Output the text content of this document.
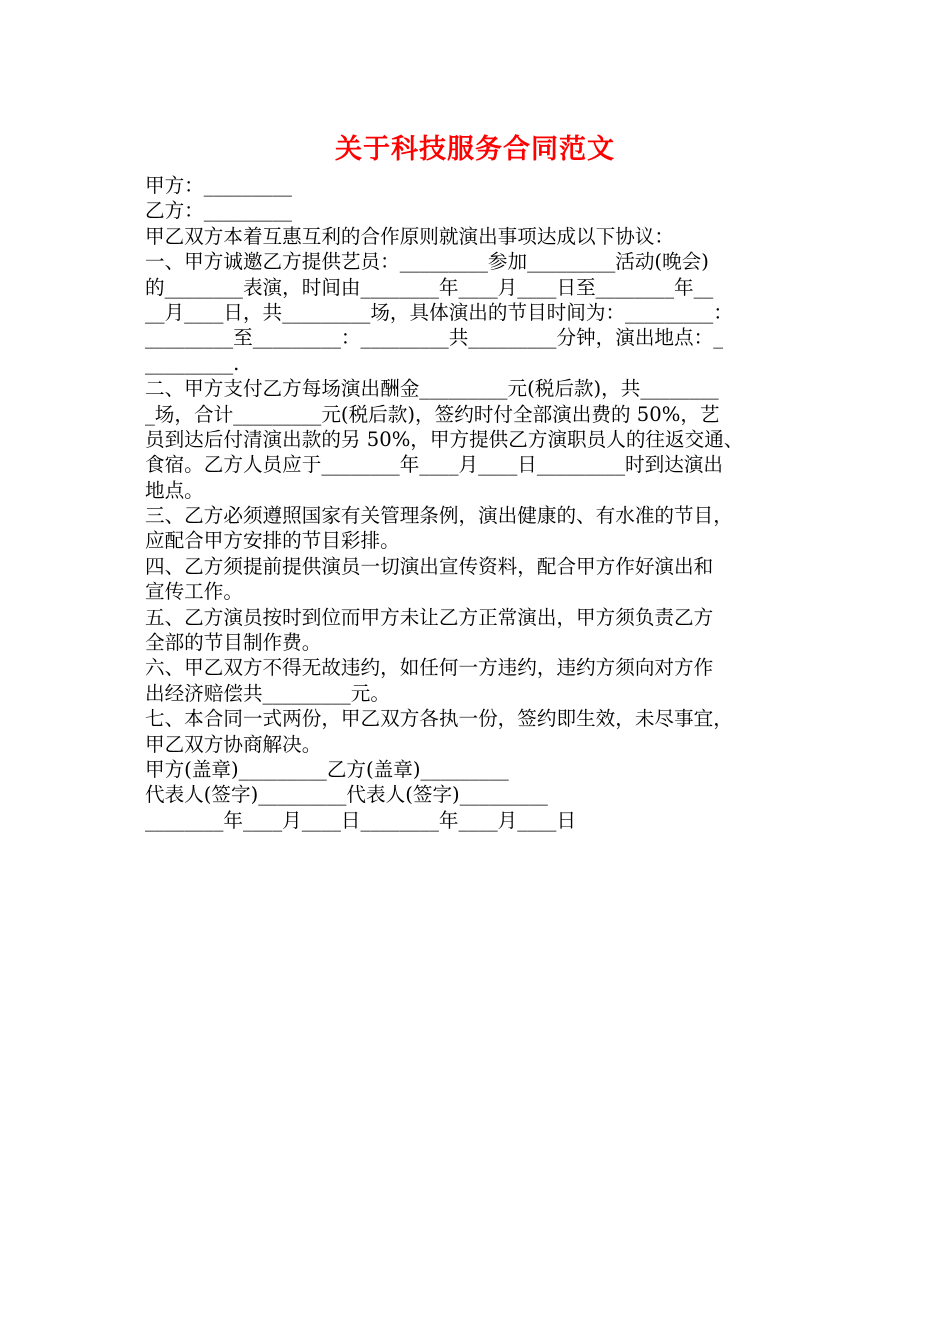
关于科技服务合同范文
甲方：_________
乙方：_________
甲乙双方本着互惠互利的合作原则就演出事项达成以下协议：
一、甲方诚邀乙方提供艺员：_________参加_________活动(晚会)
的________表演，时间由________年____月____日至________年__
__月____日，共_________场，具体演出的节目时间为：_________：
_________至_________：_________共_________分钟，演出地点：_
_________.
二、甲方支付乙方每场演出酬金_________元(税后款)，共________
_场，合计_________元(税后款)，签约时付全部演出费的 50%，艺
员到达后付清演出款的另 50%，甲方提供乙方演职员人的往返交通、
食宿。乙方人员应于________年____月____日_________时到达演出
地点。
三、乙方必须遵照国家有关管理条例，演出健康的、有水准的节目，
应配合甲方安排的节目彩排。
四、乙方须提前提供演员一切演出宣传资料，配合甲方作好演出和
宣传工作。
五、乙方演员按时到位而甲方未让乙方正常演出，甲方须负责乙方
全部的节目制作费。
六、甲乙双方不得无故违约，如任何一方违约，违约方须向对方作
出经济赔偿共_________元。
七、本合同一式两份，甲乙双方各执一份，签约即生效，未尽事宜，
甲乙双方协商解决。
甲方(盖章)_________乙方(盖章)_________
代表人(签字)_________代表人(签字)_________
________年____月____日________年____月____日
